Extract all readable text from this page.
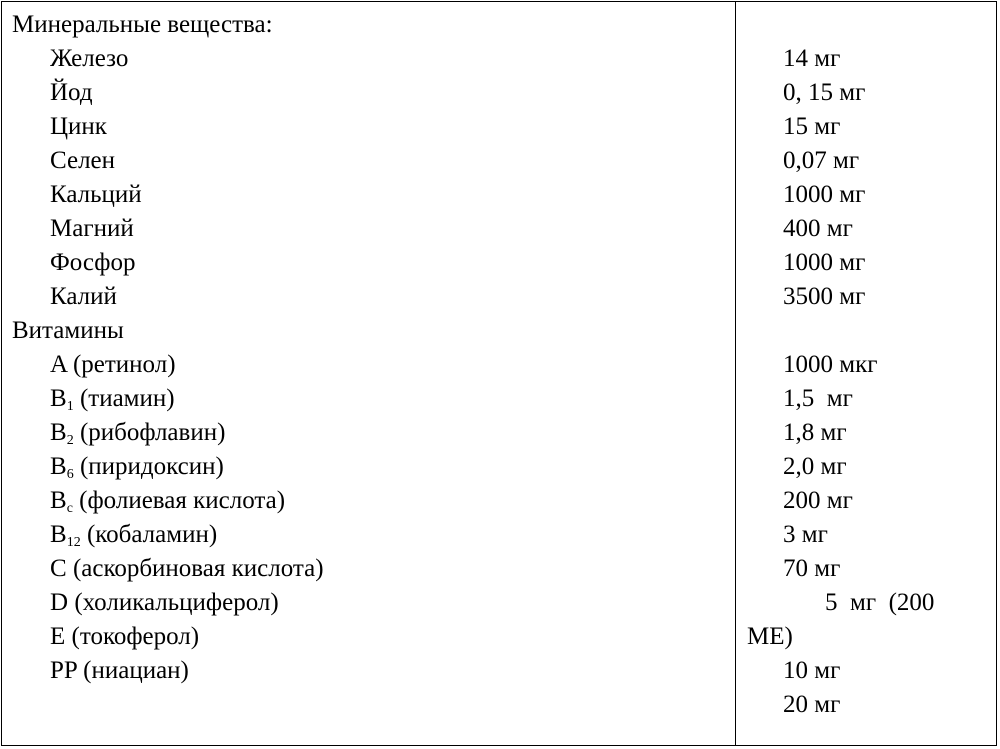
Минеральные вещества:
Железо
Йод
Цинк
Селен
Кальций
Магний
Фосфор
Калий
Витамины
A (ретинол)
$B_1$ (тиамин)
$B_2$ (рибофлавин)
$B_6$ (пиридоксин)
$B_c$ (фолиевая кислота)
$B_{12}$ (кобаламин)
C (аскорбиновая кислота)
D (холикальциферол)
E (токоферол)
PP (ниациан)
14 мг
0, 15 мг
15 мг
0,07 мг
1000 мг
400 мг
1000 мг
3500 мг
1000 мкг
1,5  мг
1,8 мг
2,0 мг
200 мг
3 мг
70 мг
5  мг  (200
МЕ)
10 мг
20 мг
